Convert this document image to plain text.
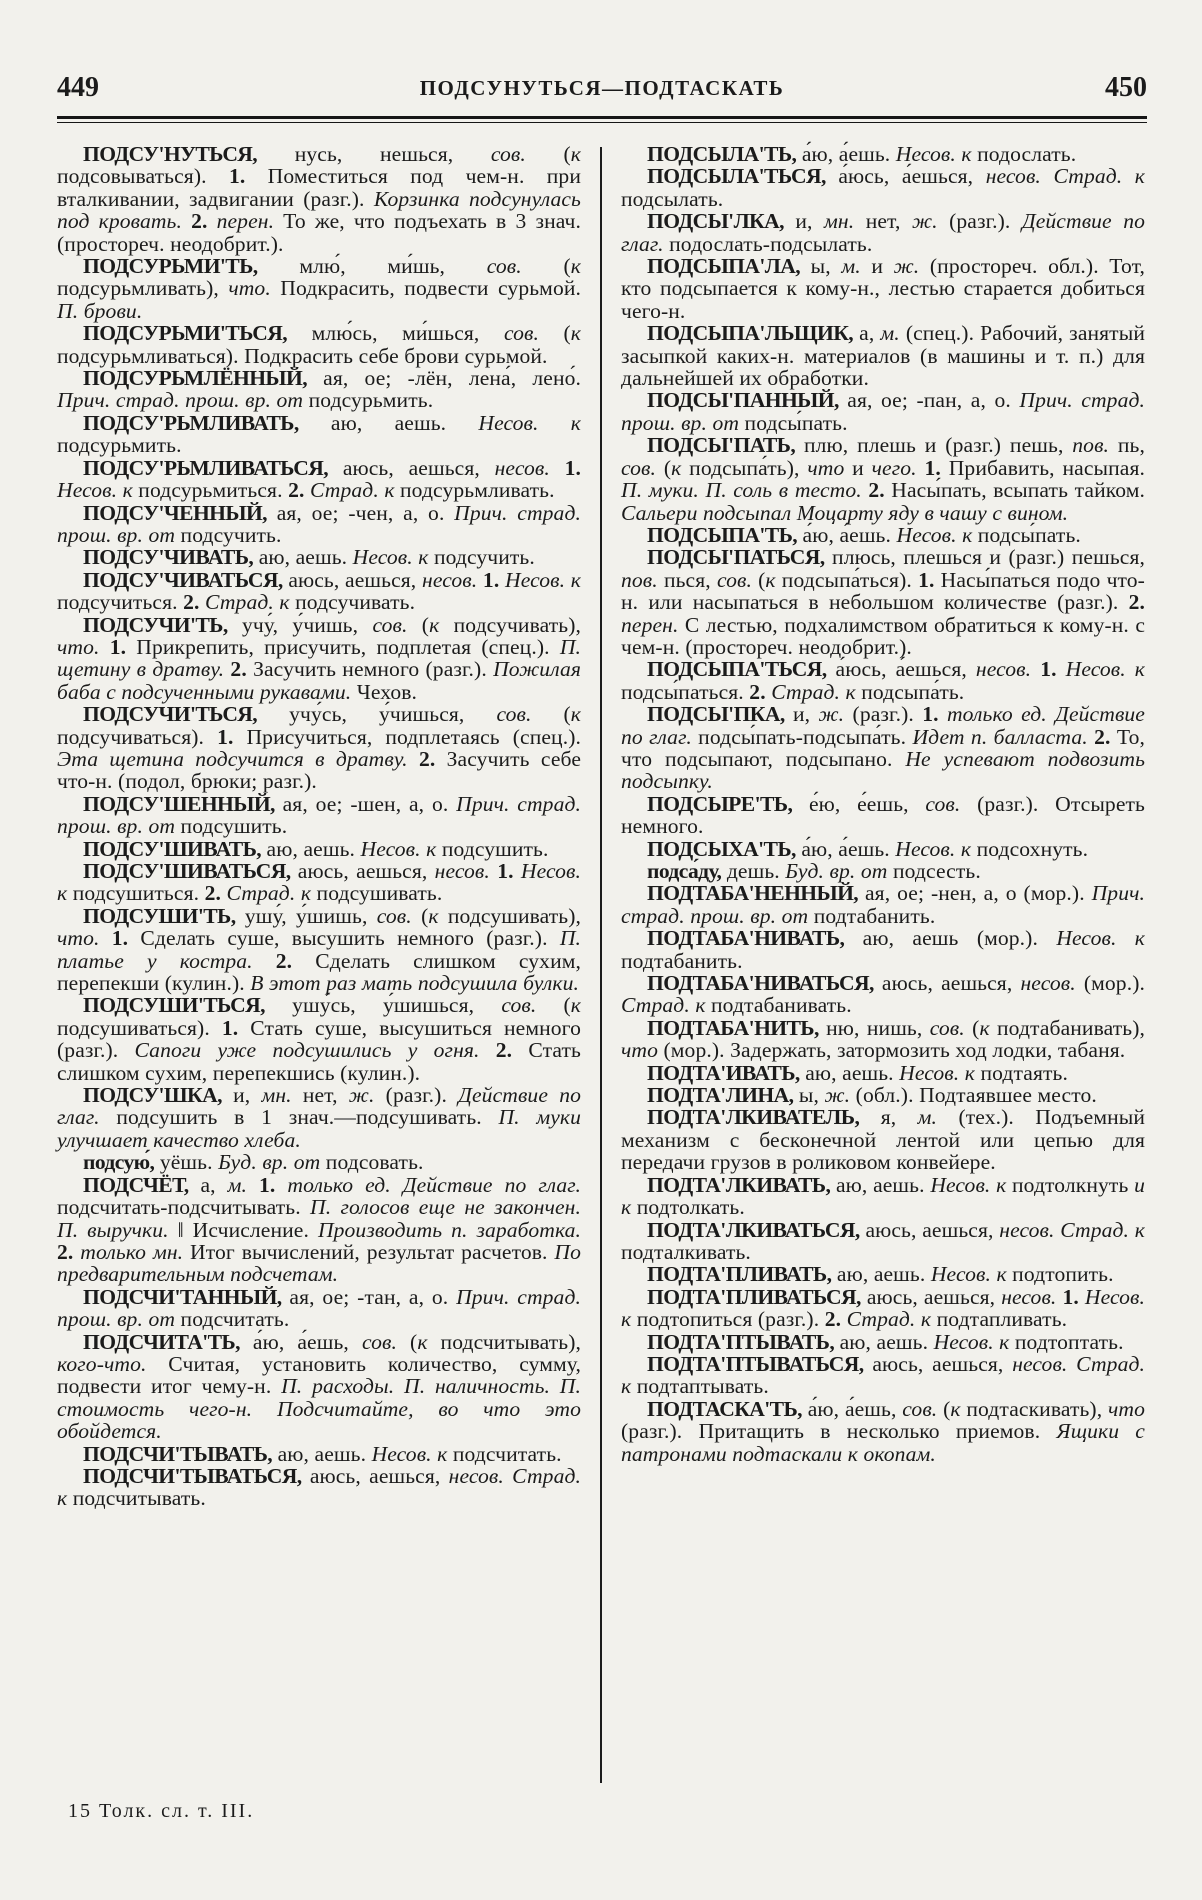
449	ПОДСУНУТЬСЯ—ПОДТАСКАТЬ	450

ПОДСУ'НУТЬСЯ, нусь, нешься, сов. (к подсовываться). 1. Поместиться под чем-н. при вталкивании, задвигании (разг.). Корзинка подсунулась под кровать. 2. перен. То же, что подъехать в 3 знач. (простореч. неодобрит.).

ПОДСУРЬМИ'ТЬ, млю́, ми́шь, сов. (к подсурьмливать), что. Подкрасить, подвести сурьмой. П. брови.

ПОДСУРЬМИ'ТЬСЯ, млю́сь, ми́шься, сов. (к подсурьмливаться). Подкрасить себе брови сурьмой.

ПОДСУРЬМЛЁННЫЙ, ая, ое; -лён, лена́, лено́. Прич. страд. прош. вр. от подсурьмить.

ПОДСУ'РЬМЛИВАТЬ, аю, аешь. Несов. к подсурьмить.

ПОДСУ'РЬМЛИВАТЬСЯ, аюсь, аешься, несов. 1. Несов. к подсурьмиться. 2. Страд. к подсурьмливать.

ПОДСУ'ЧЕННЫЙ, ая, ое; -чен, а, о. Прич. страд. прош. вр. от подсучить.

ПОДСУ'ЧИВАТЬ, аю, аешь. Несов. к подсучить.

ПОДСУ'ЧИВАТЬСЯ, аюсь, аешься, несов. 1. Несов. к подсучиться. 2. Страд. к подсучивать.

ПОДСУЧИ'ТЬ, учу́, у́чишь, сов. (к подсучивать), что. 1. Прикрепить, присучить, подплетая (спец.). П. щетину в дратву. 2. Засучить немного (разг.). Пожилая баба с подсученными рукавами. Чехов.

ПОДСУЧИ'ТЬСЯ, учу́сь, у́чишься, сов. (к подсучиваться). 1. Присучиться, подплетаясь (спец.). Эта щетина подсучится в дратву. 2. Засучить себе что-н. (подол, брюки; разг.).

ПОДСУ'ШЕННЫЙ, ая, ое; -шен, а, о. Прич. страд. прош. вр. от подсушить.

ПОДСУ'ШИВАТЬ, аю, аешь. Несов. к подсушить.

ПОДСУ'ШИВАТЬСЯ, аюсь, аешься, несов. 1. Несов. к подсушиться. 2. Страд. к подсушивать.

ПОДСУШИ'ТЬ, ушу́, у́шишь, сов. (к подсушивать), что. 1. Сделать суше, высушить немного (разг.). П. платье у костра. 2. Сделать слишком сухим, перепекши (кулин.). В этот раз мать подсушила булки.

ПОДСУШИ'ТЬСЯ, ушу́сь, у́шишься, сов. (к подсушиваться). 1. Стать суше, высушиться немного (разг.). Сапоги уже подсушились у огня. 2. Стать слишком сухим, перепекшись (кулин.).

ПОДСУ'ШКА, и, мн. нет, ж. (разг.). Действие по глаг. подсушить в 1 знач.—подсушивать. П. муки улучшает качество хлеба.

подсую́, уёшь. Буд. вр. от подсовать.

ПОДСЧЁТ, а, м. 1. только ед. Действие по глаг. подсчитать-подсчитывать. П. голосов еще не закончен. П. выручки. ‖ Исчисление. Производить п. заработка. 2. только мн. Итог вычислений, результат расчетов. По предварительным подсчетам.

ПОДСЧИ'ТАННЫЙ, ая, ое; -тан, а, о. Прич. страд. прош. вр. от подсчитать.

ПОДСЧИТА'ТЬ, а́ю, а́ешь, сов. (к подсчитывать), кого-что. Считая, установить количество, сумму, подвести итог чему-н. П. расходы. П. наличность. П. стоимость чего-н. Подсчитайте, во что это обойдется.

ПОДСЧИ'ТЫВАТЬ, аю, аешь. Несов. к подсчитать.

ПОДСЧИ'ТЫВАТЬСЯ, аюсь, аешься, несов. Страд. к подсчитывать.

ПОДСЫЛА'ТЬ, а́ю, а́ешь. Несов. к подослать.

ПОДСЫЛА'ТЬСЯ, а́юсь, а́ешься, несов. Страд. к подсылать.

ПОДСЫ'ЛКА, и, мн. нет, ж. (разг.). Действие по глаг. подослать-подсылать.

ПОДСЫПА'ЛА, ы, м. и ж. (простореч. обл.). Тот, кто подсыпается к кому-н., лестью старается добиться чего-н.

ПОДСЫПА'ЛЬЩИК, а, м. (спец.). Рабочий, занятый засыпкой каких-н. материалов (в машины и т. п.) для дальнейшей их обработки.

ПОДСЫ'ПАННЫЙ, ая, ое; -пан, а, о. Прич. страд. прош. вр. от подсы́пать.

ПОДСЫ'ПАТЬ, плю, плешь и (разг.) пешь, пов. пь, сов. (к подсыпа́ть), что и чего. 1. Прибавить, насыпая. П. муки. П. соль в тесто. 2. Насы́пать, всыпать тайком. Сальери подсыпал Моцарту яду в чашу с вином.

ПОДСЫПА'ТЬ, а́ю, а́ешь. Несов. к подсы́пать.

ПОДСЫ'ПАТЬСЯ, плюсь, плешься и (разг.) пешься, пов. пься, сов. (к подсыпа́ться). 1. Насы́паться подо что-н. или насыпаться в небольшом количестве (разг.). 2. перен. С лестью, подхалимством обратиться к кому-н. с чем-н. (простореч. неодобрит.).

ПОДСЫПА'ТЬСЯ, а́юсь, а́ешься, несов. 1. Несов. к подсы́паться. 2. Страд. к подсыпа́ть.

ПОДСЫ'ПКА, и, ж. (разг.). 1. только ед. Действие по глаг. подсы́пать-подсыпа́ть. Идет п. балласта. 2. То, что подсыпают, подсыпано. Не успевают подвозить подсыпку.

ПОДСЫРЕ'ТЬ, е́ю, е́ешь, сов. (разг.). Отсыреть немного.

ПОДСЫХА'ТЬ, а́ю, а́ешь. Несов. к подсохнуть.

подса́ду, дешь. Буд. вр. от подсесть.

ПОДТАБА'НЕННЫЙ, ая, ое; -нен, а, о (мор.). Прич. страд. прош. вр. от подтабанить.

ПОДТАБА'НИВАТЬ, аю, аешь (мор.). Несов. к подтабанить.

ПОДТАБА'НИВАТЬСЯ, аюсь, аешься, несов. (мор.). Страд. к подтабанивать.

ПОДТАБА'НИТЬ, ню, нишь, сов. (к подтабанивать), что (мор.). Задержать, затормозить ход лодки, табаня.

ПОДТА'ИВАТЬ, аю, аешь. Несов. к подтаять.

ПОДТА'ЛИНА, ы, ж. (обл.). Подтаявшее место.

ПОДТА'ЛКИВАТЕЛЬ, я, м. (тех.). Подъемный механизм с бесконечной лентой или цепью для передачи грузов в роликовом конвейере.

ПОДТА'ЛКИВАТЬ, аю, аешь. Несов. к подтолкнуть и к подтолкать.

ПОДТА'ЛКИВАТЬСЯ, аюсь, аешься, несов. Страд. к подталкивать.

ПОДТА'ПЛИВАТЬ, аю, аешь. Несов. к подтопить.

ПОДТА'ПЛИВАТЬСЯ, аюсь, аешься, несов. 1. Несов. к подтопиться (разг.). 2. Страд. к подтапливать.

ПОДТА'ПТЫВАТЬ, аю, аешь. Несов. к подтоптать.

ПОДТА'ПТЫВАТЬСЯ, аюсь, аешься, несов. Страд. к подтаптывать.

ПОДТАСКА'ТЬ, а́ю, а́ешь, сов. (к подтаскивать), что (разг.). Притащить в несколько приемов. Ящики с патронами подтаскали к окопам.

15 Толк. сл. т. III.
